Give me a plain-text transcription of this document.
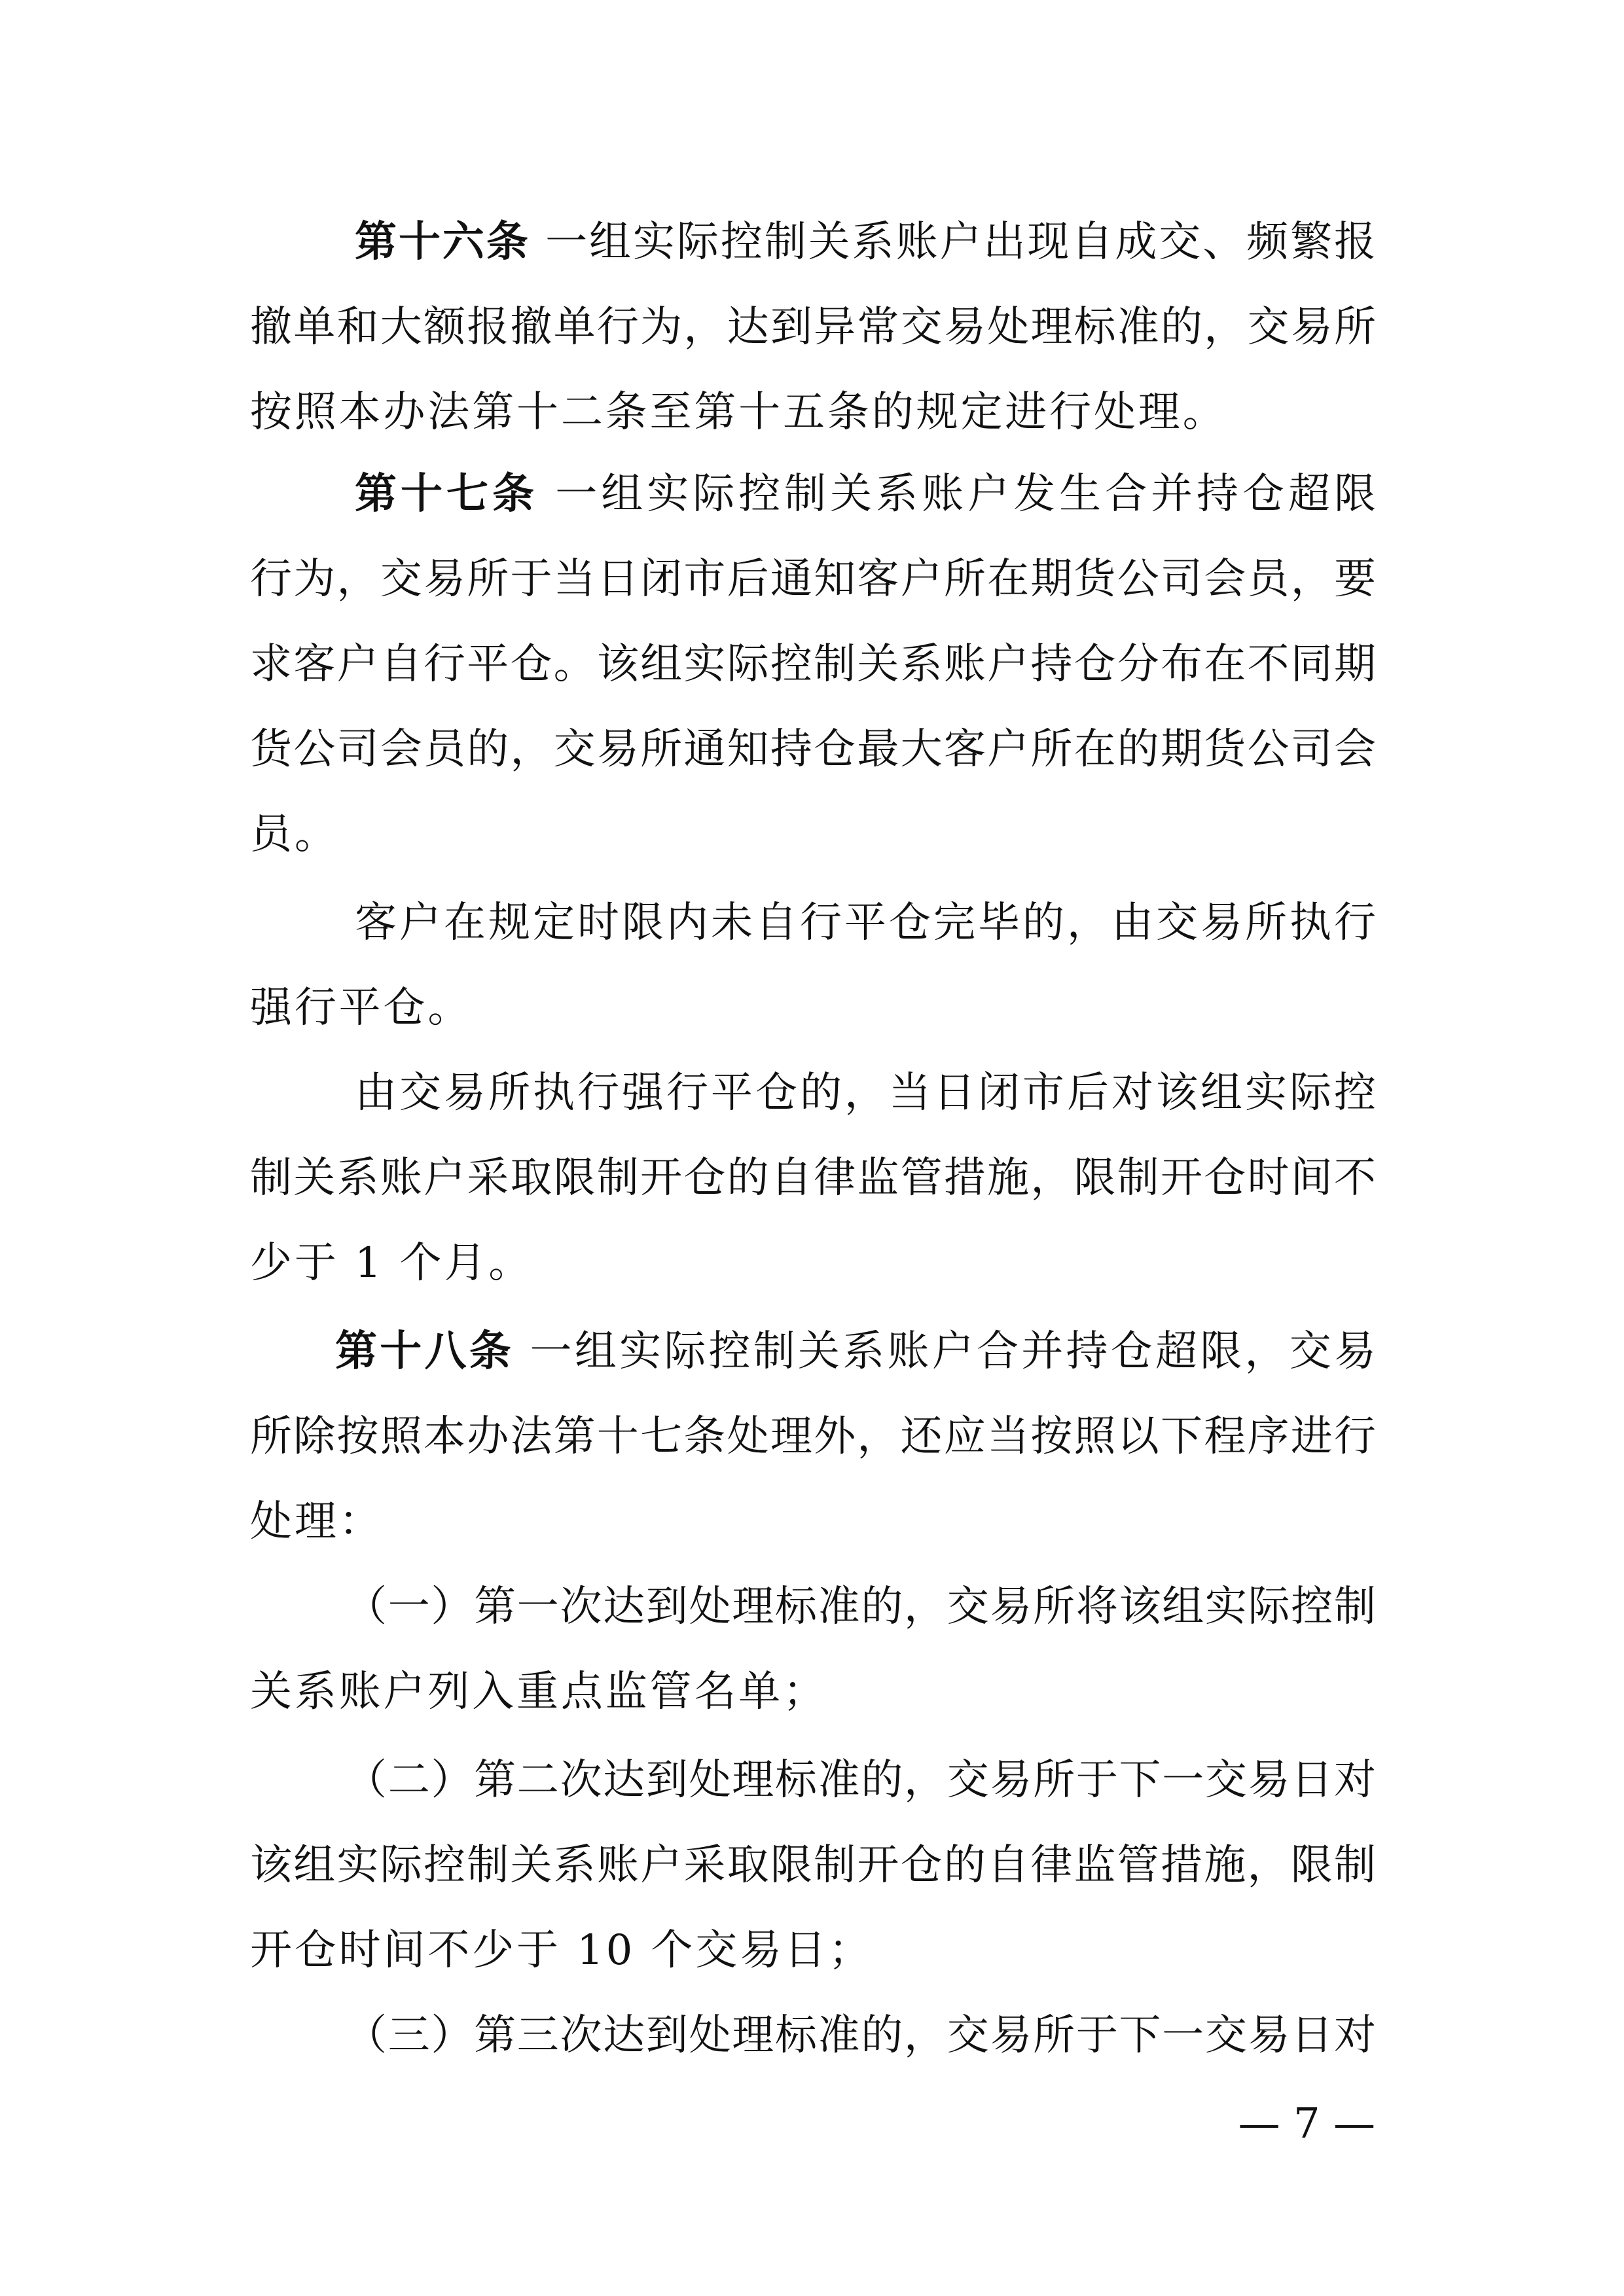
第十六条 一组实际控制关系账户出现自成交、频繁报
撤单和大额报撤单行为，达到异常交易处理标准的，交易所
按照本办法第十二条至第十五条的规定进行处理。
第十七条 一组实际控制关系账户发生合并持仓超限
行为，交易所于当日闭市后通知客户所在期货公司会员，要
求客户自行平仓。该组实际控制关系账户持仓分布在不同期
货公司会员的，交易所通知持仓最大客户所在的期货公司会
员。
客户在规定时限内未自行平仓完毕的，由交易所执行
强行平仓。
由交易所执行强行平仓的，当日闭市后对该组实际控
制关系账户采取限制开仓的自律监管措施，限制开仓时间不
少于 1 个月。
第十八条 一组实际控制关系账户合并持仓超限，交易
所除按照本办法第十七条处理外，还应当按照以下程序进行
处理：
（一）第一次达到处理标准的，交易所将该组实际控制
关系账户列入重点监管名单；
（二）第二次达到处理标准的，交易所于下一交易日对
该组实际控制关系账户采取限制开仓的自律监管措施，限制
开仓时间不少于 10 个交易日；
（三）第三次达到处理标准的，交易所于下一交易日对
— 7 —
